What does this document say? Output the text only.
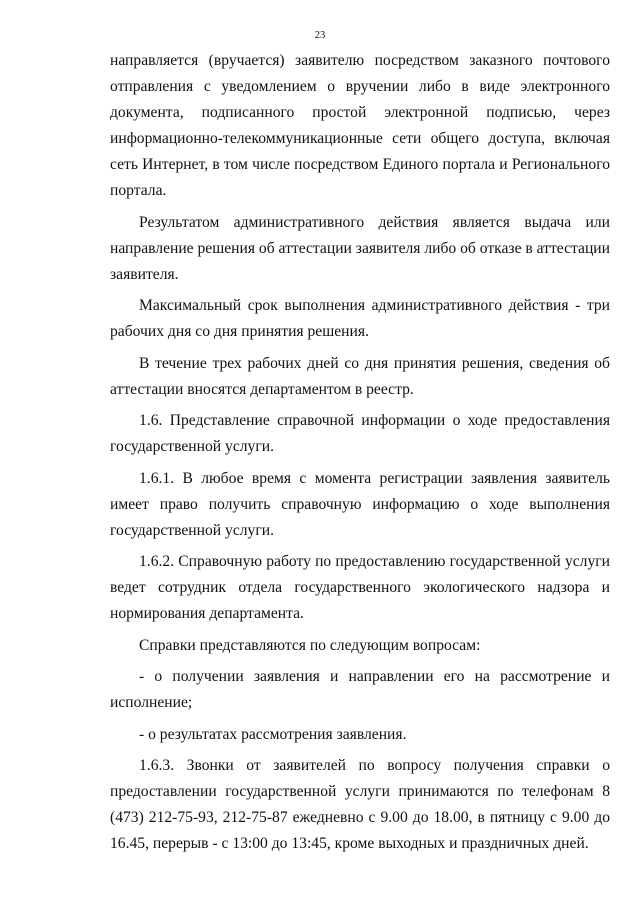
23

направляется (вручается) заявителю посредством заказного почтового отправления с уведомлением о вручении либо в виде электронного документа, подписанного простой электронной подписью, через информационно-телекоммуникационные сети общего доступа, включая сеть Интернет, в том числе посредством Единого портала и Регионального портала.

Результатом административного действия является выдача или направление решения об аттестации заявителя либо об отказе в аттестации заявителя.

Максимальный срок выполнения административного действия - три рабочих дня со дня принятия решения.

В течение трех рабочих дней со дня принятия решения, сведения об аттестации вносятся департаментом в реестр.

1.6. Представление справочной информации о ходе предоставления государственной услуги.

1.6.1. В любое время с момента регистрации заявления заявитель имеет право получить справочную информацию о ходе выполнения государственной услуги.

1.6.2. Справочную работу по предоставлению государственной услуги ведет сотрудник отдела государственного экологического надзора и нормирования департамента.

Справки представляются по следующим вопросам:

- о получении заявления и направлении его на рассмотрение и исполнение;

- о результатах рассмотрения заявления.

1.6.3. Звонки от заявителей по вопросу получения справки о предоставлении государственной услуги принимаются по телефонам 8 (473) 212-75-93, 212-75-87 ежедневно с 9.00 до 18.00, в пятницу с 9.00 до 16.45, перерыв - с 13:00 до 13:45, кроме выходных и праздничных дней.
